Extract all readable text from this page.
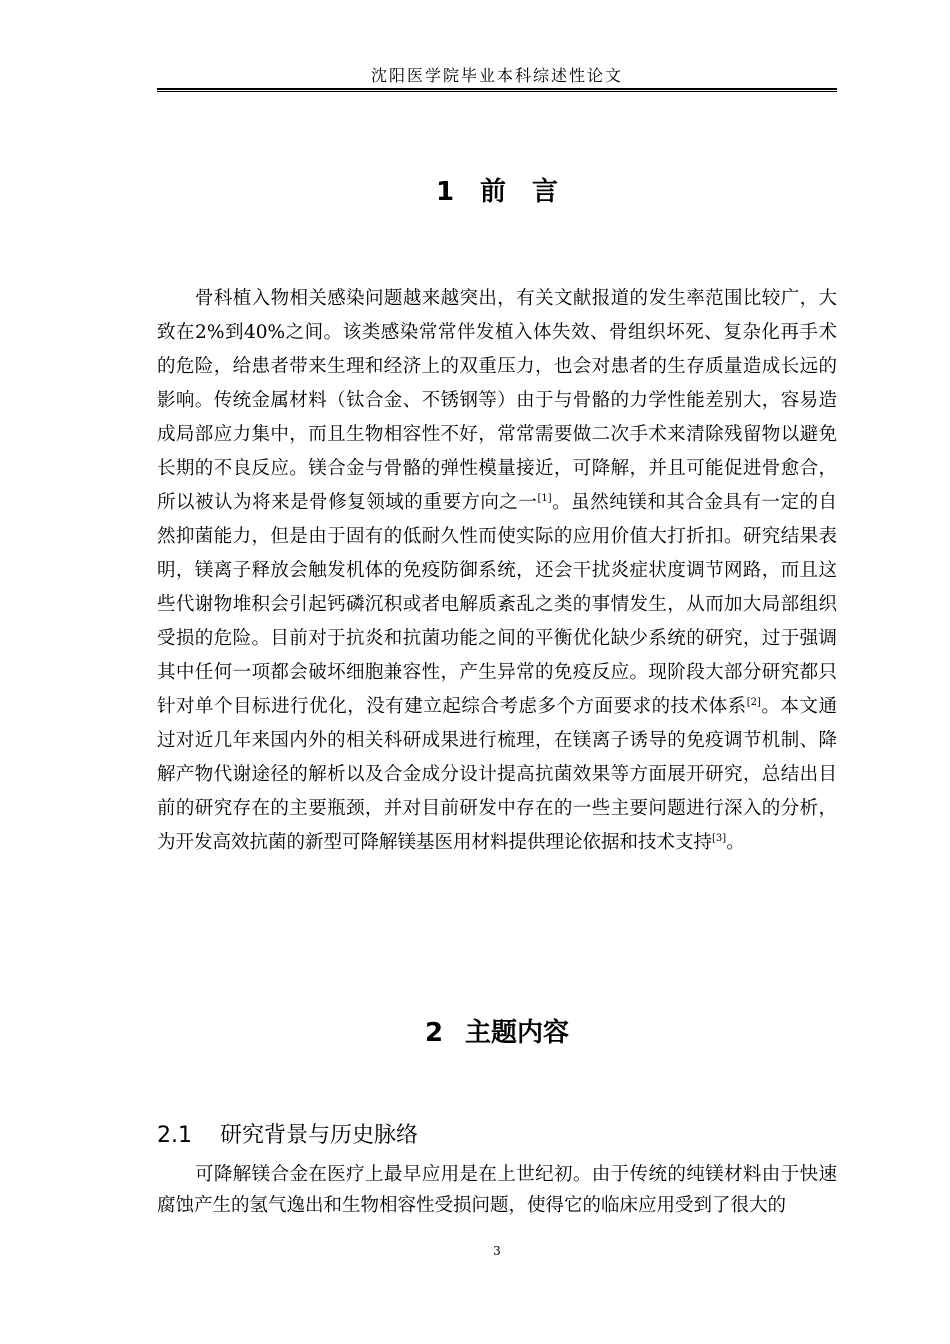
沈阳医学院毕业本科综述性论文
1 前言

骨科植入物相关感染问题越来越突出，有关文献报道的发生率范围比较广，大致在2%到40%之间。该类感染常常伴发植入体失效、骨组织坏死、复杂化再手术的危险，给患者带来生理和经济上的双重压力，也会对患者的生存质量造成长远的影响。传统金属材料（钛合金、不锈钢等）由于与骨骼的力学性能差别大，容易造成局部应力集中，而且生物相容性不好，常常需要做二次手术来清除残留物以避免长期的不良反应。镁合金与骨骼的弹性模量接近，可降解，并且可能促进骨愈合，所以被认为将来是骨修复领域的重要方向之一[1]。虽然纯镁和其合金具有一定的自然抑菌能力，但是由于固有的低耐久性而使实际的应用价值大打折扣。研究结果表明，镁离子释放会触发机体的免疫防御系统，还会干扰炎症状度调节网路，而且这些代谢物堆积会引起钙磷沉积或者电解质紊乱之类的事情发生，从而加大局部组织受损的危险。目前对于抗炎和抗菌功能之间的平衡优化缺少系统的研究，过于强调其中任何一项都会破坏细胞兼容性，产生异常的免疫反应。现阶段大部分研究都只针对单个目标进行优化，没有建立起综合考虑多个方面要求的技术体系[2]。本文通过对近几年来国内外的相关科研成果进行梳理，在镁离子诱导的免疫调节机制、降解产物代谢途径的解析以及合金成分设计提高抗菌效果等方面展开研究，总结出目前的研究存在的主要瓶颈，并对目前研发中存在的一些主要问题进行深入的分析，为开发高效抗菌的新型可降解镁基医用材料提供理论依据和技术支持[3]。

2 主题内容
2.1 研究背景与历史脉络

可降解镁合金在医疗上最早应用是在上世纪初。由于传统的纯镁材料由于快速腐蚀产生的氢气逸出和生物相容性受损问题，使得它的临床应用受到了很大的

3
